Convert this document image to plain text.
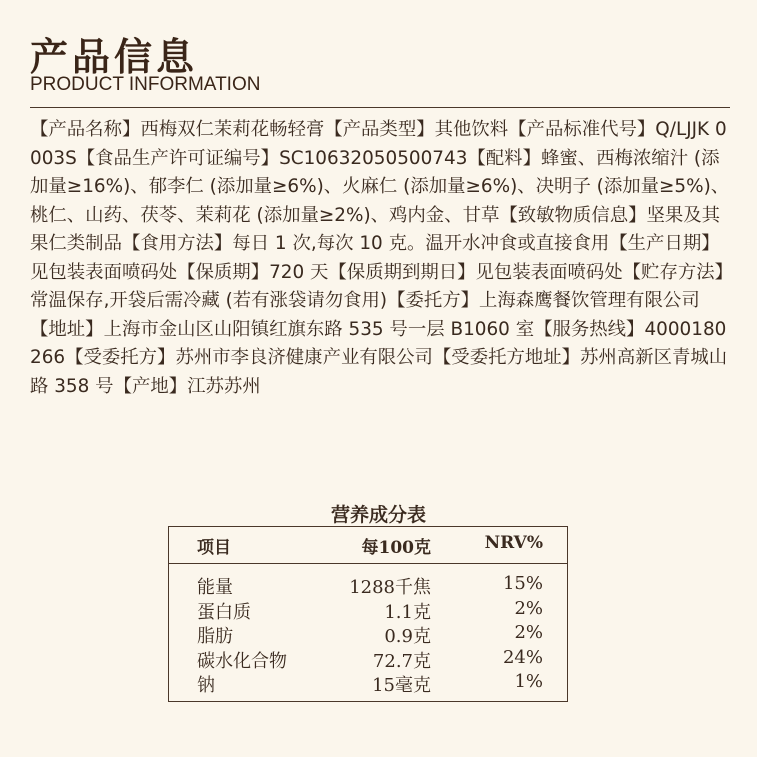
产品信息
PRODUCT INFORMATION
【产品名称】西梅双仁茉莉花畅轻膏【产品类型】其他饮料【产品标准代号】Q/LJJK 0003S【食品生产许可证编号】SC10632050500743【配料】蜂蜜、西梅浓缩汁 (添加量≥16%)、郁李仁 (添加量≥6%)、火麻仁 (添加量≥6%)、决明子 (添加量≥5%)、桃仁、山药、茯苓、茉莉花 (添加量≥2%)、鸡内金、甘草【致敏物质信息】坚果及其果仁类制品【食用方法】每日 1 次,每次 10 克。温开水冲食或直接食用【生产日期】见包装表面喷码处【保质期】720 天【保质期到期日】见包装表面喷码处【贮存方法】常温保存,开袋后需冷藏 (若有涨袋请勿食用)【委托方】上海森鹰餐饮管理有限公司【地址】上海市金山区山阳镇红旗东路 535 号一层 B1060 室【服务热线】4000180266【受委托方】苏州市李良济健康产业有限公司【受委托方地址】苏州高新区青城山路 358 号【产地】江苏苏州
营养成分表
项目	每100克	NRV%
能量	1288千焦	15%
蛋白质	1.1克	2%
脂肪	0.9克	2%
碳水化合物	72.7克	24%
钠	15毫克	1%
